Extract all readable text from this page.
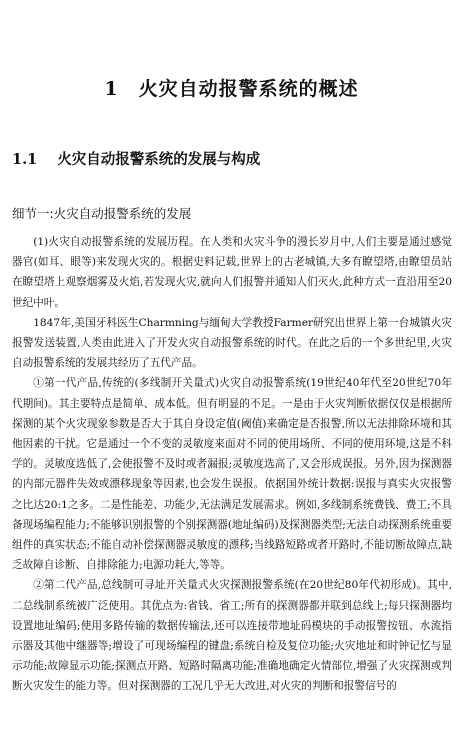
1 火灾自动报警系统的概述
1.1 火灾自动报警系统的发展与构成
细节一:火灾自动报警系统的发展

(1)火灾自动报警系统的发展历程。在人类和火灾斗争的漫长岁月中,人们主要是通过感觉器官(如耳、眼等)来发现火灾的。根据史料记载,世界上的古老城镇,大多有瞭望塔,由瞭望员站在瞭望塔上观察烟雾及火焰,若发现火灾,就向人们报警并通知人们灭火,此种方式一直沿用至20世纪中叶。

1847年,美国牙科医生Charmning与缅甸大学教授Farmer研究出世界上第一台城镇火灾报警发送装置,人类由此进入了开发火灾自动报警系统的时代。在此之后的一个多世纪里,火灾自动报警系统的发展共经历了五代产品。

①第一代产品,传统的(多线制开关量式)火灾自动报警系统(19世纪40年代至20世纪70年代期间)。其主要特点是简单、成本低。但有明显的不足。一是由于火灾判断依据仅仅是根据所探测的某个火灾现象参数是否大于其自身设定值(阈值)来确定是否报警,所以无法排除环境和其他因素的干扰。它是通过一个不变的灵敏度来面对不同的使用场所、不同的使用环境,这是不科学的。灵敏度选低了,会使报警不及时或者漏报;灵敏度选高了,又会形成误报。另外,因为探测器的内部元器件失效或漂移现象等因素,也会发生误报。依据国外统计数据:误报与真实火灾报警之比达20:1之多。二是性能差、功能少,无法满足发展需求。例如,多线制系统费钱、费工;不具备现场编程能力;不能够识别报警的个别探测器(地址编码)及探测器类型;无法自动探测系统重要组件的真实状态;不能自动补偿探测器灵敏度的漂移;当线路短路或者开路时,不能切断故障点,缺乏故障自诊断、自排除能力;电源功耗大,等等。

②第二代产品,总线制可寻址开关量式火灾探测报警系统(在20世纪80年代初形成)。其中,二总线制系统被广泛使用。其优点为:省钱、省工;所有的探测器都并联到总线上;每只探测器均设置地址编码;使用多路传输的数据传输法,还可以连接带地址码模块的手动报警按钮、水流指示器及其他中继器等;增设了可现场编程的键盘;系统自检及复位功能;火灾地址和时钟记忆与显示功能;故障显示功能;探测点开路、短路时隔离功能;准确地确定火情部位,增强了火灾探测或判断火灾发生的能力等。但对探测器的工况几乎无大改进,对火灾的判断和报警信号的
